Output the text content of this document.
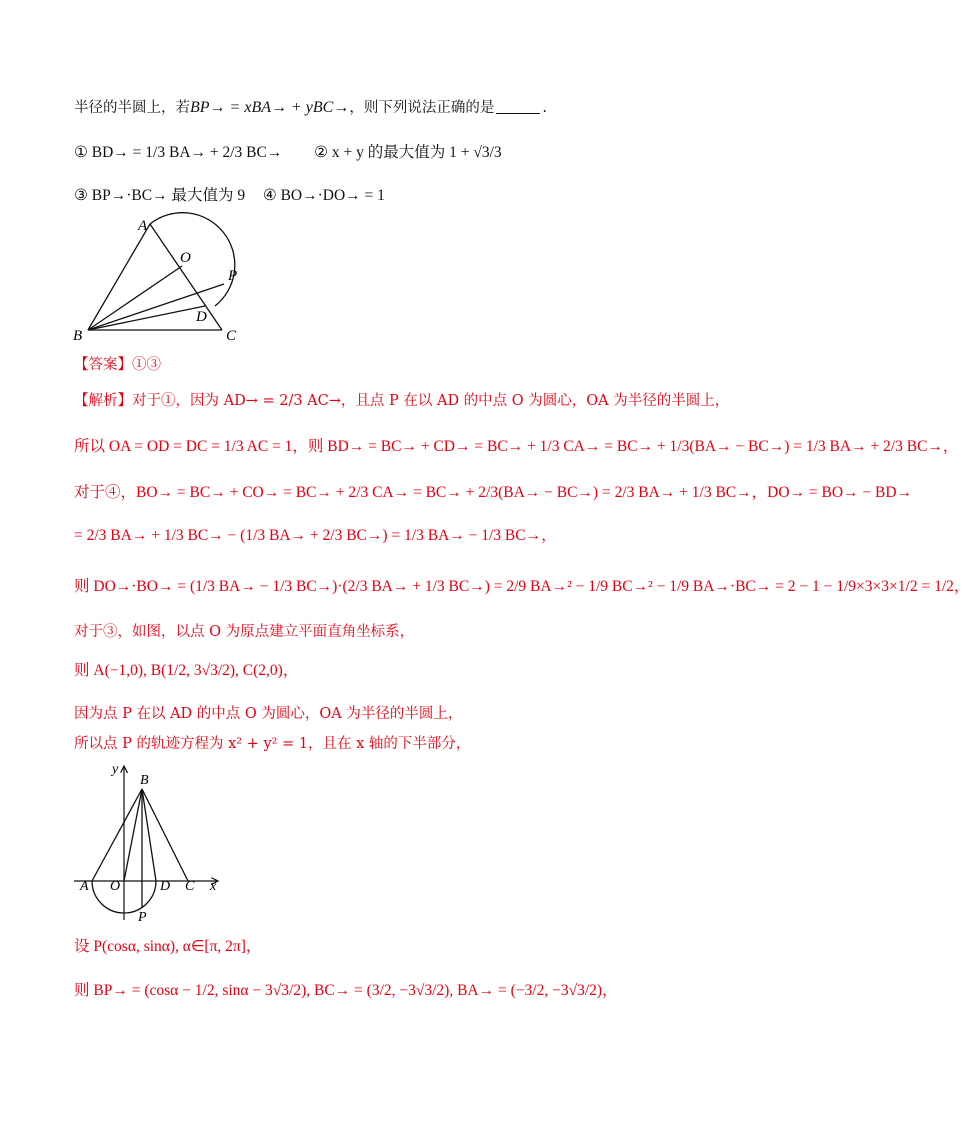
半径的半圆上，若BP→ = xBA→ + yBC→，则下列说法正确的是	.
① BD→ = 1/3 BA→ + 2/3 BC→ ② x + y 的最大值为 1 + √3/3
③ BP→·BC→ 最大值为 9 ④ BO→·DO→ = 1
A
O
P
D
B	C
【答案】①③
【解析】对于①，因为 AD→ = 2/3 AC→，且点 P 在以 AD 的中点 O 为圆心，OA 为半径的半圆上，
所以 OA = OD = DC = 1/3 AC = 1，则 BD→ = BC→ + CD→ = BC→ + 1/3 CA→ = BC→ + 1/3(BA→ − BC→) = 1/3 BA→ + 2/3 BC→，
对于④，BO→ = BC→ + CO→ = BC→ + 2/3 CA→ = BC→ + 2/3(BA→ − BC→) = 2/3 BA→ + 1/3 BC→，DO→ = BO→ − BD→
= 2/3 BA→ + 1/3 BC→ − (1/3 BA→ + 2/3 BC→) = 1/3 BA→ − 1/3 BC→，
则 DO→·BO→ = (1/3 BA→ − 1/3 BC→)·(2/3 BA→ + 1/3 BC→) = 2/9 BA→² − 1/9 BC→² − 1/9 BA→·BC→ = 2 − 1 − 1/9×3×3×1/2 = 1/2，
对于③，如图，以点 O 为原点建立平面直角坐标系，
则 A(−1,0), B(1/2, 3√3/2), C(2,0)，
因为点 P 在以 AD 的中点 O 为圆心，OA 为半径的半圆上，
所以点 P 的轨迹方程为 x² + y² = 1，且在 x 轴的下半部分，
y
B
A O	D C x
P
设 P(cosα, sinα), α∈[π, 2π]，
则 BP→ = (cosα − 1/2, sinα − 3√3/2), BC→ = (3/2, −3√3/2), BA→ = (−3/2, −3√3/2)，
